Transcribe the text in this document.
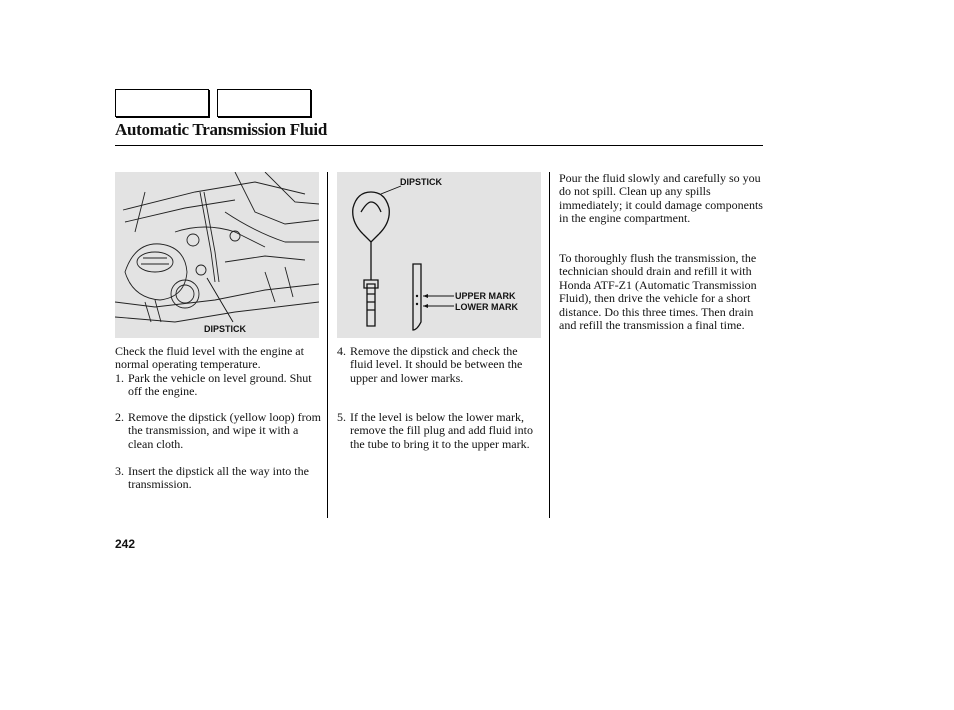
Automatic Transmission Fluid
DIPSTICK
DIPSTICK
UPPER MARK
LOWER MARK
Check the fluid level with the engine at normal operating temperature.
1. Park the vehicle on level ground. Shut off the engine.
2. Remove the dipstick (yellow loop) from the transmission, and wipe it with a clean cloth.
3. Insert the dipstick all the way into the transmission.
4. Remove the dipstick and check the fluid level. It should be between the upper and lower marks.
5. If the level is below the lower mark, remove the fill plug and add fluid into the tube to bring it to the upper mark.
Pour the fluid slowly and carefully so you do not spill. Clean up any spills immediately; it could damage components in the engine compartment.
To thoroughly flush the transmission, the technician should drain and refill it with Honda ATF-Z1 (Automatic Transmission Fluid), then drive the vehicle for a short distance. Do this three times. Then drain and refill the transmission a final time.
242
